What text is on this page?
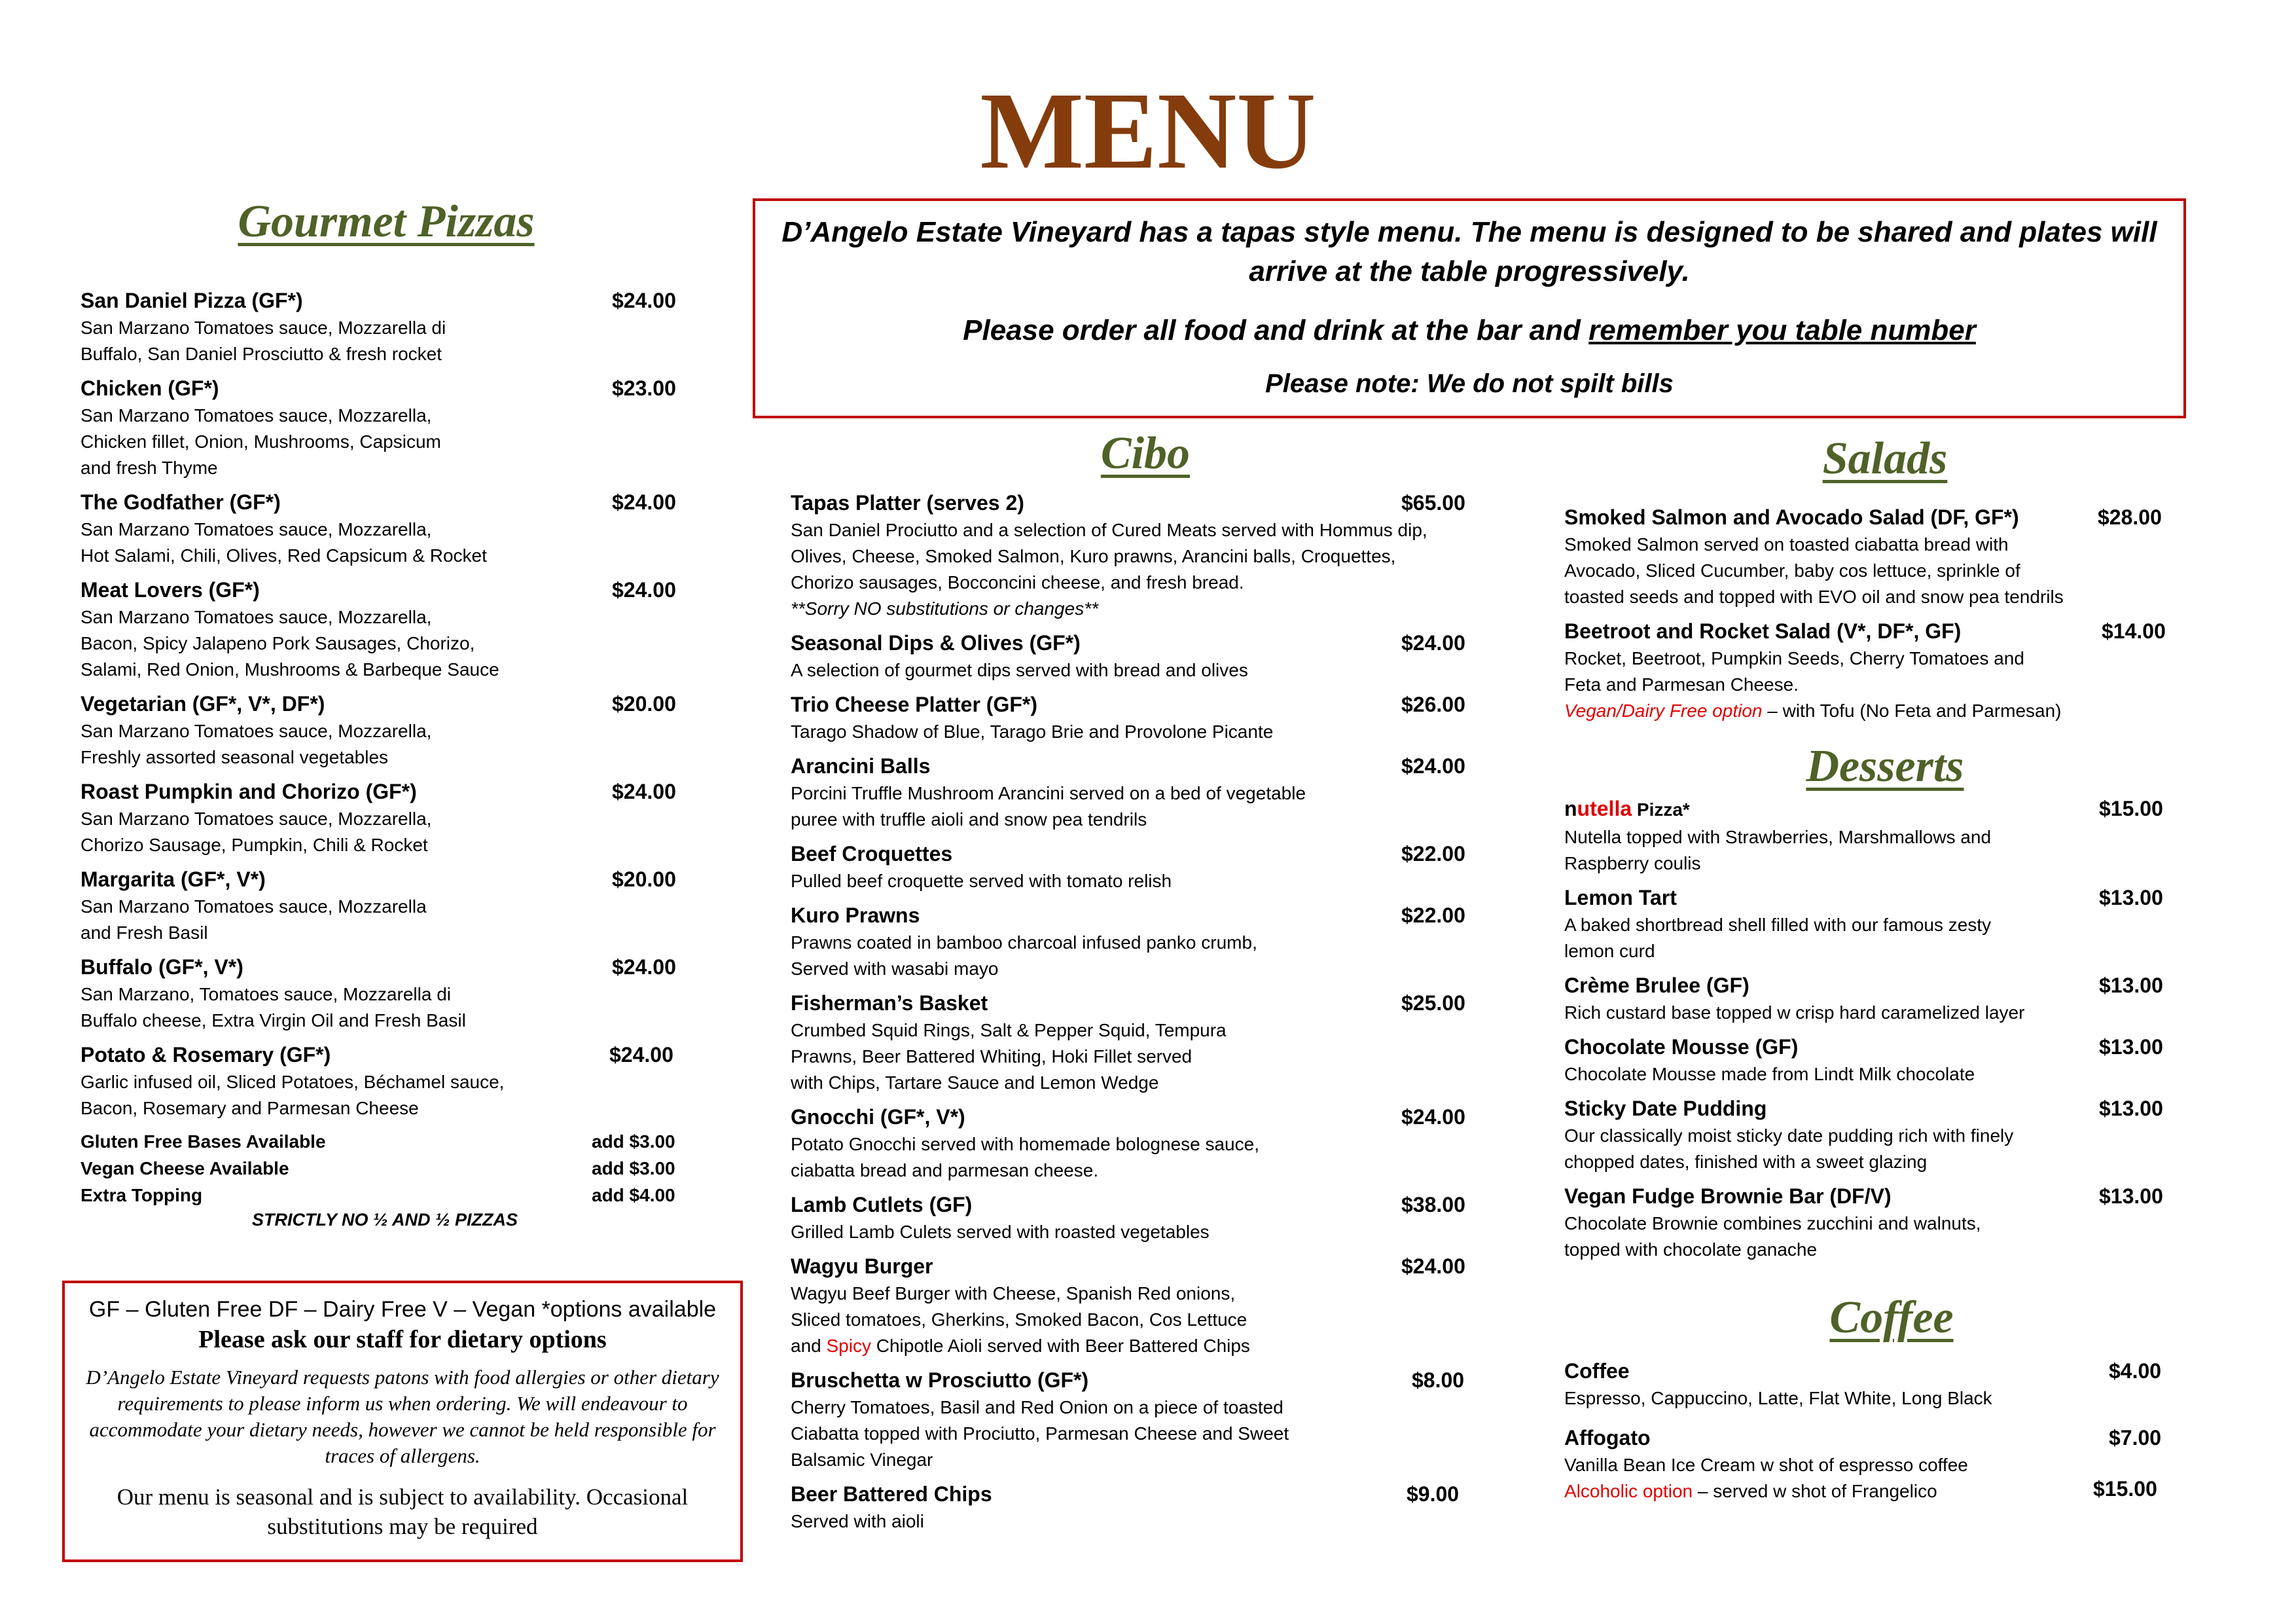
MENU
Gourmet Pizzas
San Daniel Pizza (GF*)	$24.00
San Marzano Tomatoes sauce, Mozzarella di
Buffalo, San Daniel Prosciutto & fresh rocket
Chicken (GF*)	$23.00
San Marzano Tomatoes sauce, Mozzarella,
Chicken fillet, Onion, Mushrooms, Capsicum
and fresh Thyme
The Godfather (GF*)	$24.00
San Marzano Tomatoes sauce, Mozzarella,
Hot Salami, Chili, Olives, Red Capsicum & Rocket
Meat Lovers (GF*)	$24.00
San Marzano Tomatoes sauce, Mozzarella,
Bacon, Spicy Jalapeno Pork Sausages, Chorizo,
Salami, Red Onion, Mushrooms & Barbeque Sauce
Vegetarian (GF*, V*, DF*)	$20.00
San Marzano Tomatoes sauce, Mozzarella,
Freshly assorted seasonal vegetables
Roast Pumpkin and Chorizo (GF*)	$24.00
San Marzano Tomatoes sauce, Mozzarella,
Chorizo Sausage, Pumpkin, Chili & Rocket
Margarita (GF*, V*)	$20.00
San Marzano Tomatoes sauce, Mozzarella
and Fresh Basil
Buffalo (GF*, V*)	$24.00
San Marzano, Tomatoes sauce, Mozzarella di
Buffalo cheese, Extra Virgin Oil and Fresh Basil
Potato & Rosemary (GF*)	$24.00
Garlic infused oil, Sliced Potatoes, Béchamel sauce,
Bacon, Rosemary and Parmesan Cheese
Gluten Free Bases Available	add $3.00
Vegan Cheese Available	add $3.00
Extra Topping	add $4.00
STRICTLY NO ½ AND ½ PIZZAS
GF – Gluten Free DF – Dairy Free V – Vegan *options available
Please ask our staff for dietary options
D’Angelo Estate Vineyard requests patons with food allergies or other dietary requirements to please inform us when ordering. We will endeavour to accommodate your dietary needs, however we cannot be held responsible for traces of allergens.
Our menu is seasonal and is subject to availability. Occasional substitutions may be required
D’Angelo Estate Vineyard has a tapas style menu. The menu is designed to be shared and plates will arrive at the table progressively.
Please order all food and drink at the bar and remember you table number
Please note: We do not spilt bills
Cibo
Tapas Platter (serves 2)	$65.00
San Daniel Prociutto and a selection of Cured Meats served with Hommus dip,
Olives, Cheese, Smoked Salmon, Kuro prawns, Arancini balls, Croquettes,
Chorizo sausages, Bocconcini cheese, and fresh bread.
**Sorry NO substitutions or changes**
Seasonal Dips & Olives (GF*)	$24.00
A selection of gourmet dips served with bread and olives
Trio Cheese Platter (GF*)	$26.00
Tarago Shadow of Blue, Tarago Brie and Provolone Picante
Arancini Balls	$24.00
Porcini Truffle Mushroom Arancini served on a bed of vegetable
puree with truffle aioli and snow pea tendrils
Beef Croquettes	$22.00
Pulled beef croquette served with tomato relish
Kuro Prawns	$22.00
Prawns coated in bamboo charcoal infused panko crumb,
Served with wasabi mayo
Fisherman’s Basket	$25.00
Crumbed Squid Rings, Salt & Pepper Squid, Tempura
Prawns, Beer Battered Whiting, Hoki Fillet served
with Chips, Tartare Sauce and Lemon Wedge
Gnocchi (GF*, V*)	$24.00
Potato Gnocchi served with homemade bolognese sauce,
ciabatta bread and parmesan cheese.
Lamb Cutlets (GF)	$38.00
Grilled Lamb Culets served with roasted vegetables
Wagyu Burger	$24.00
Wagyu Beef Burger with Cheese, Spanish Red onions,
Sliced tomatoes, Gherkins, Smoked Bacon, Cos Lettuce
and Spicy Chipotle Aioli served with Beer Battered Chips
Bruschetta w Prosciutto (GF*)	$8.00
Cherry Tomatoes, Basil and Red Onion on a piece of toasted
Ciabatta topped with Prociutto, Parmesan Cheese and Sweet
Balsamic Vinegar
Beer Battered Chips	$9.00
Served with aioli
Salads
Smoked Salmon and Avocado Salad (DF, GF*)	$28.00
Smoked Salmon served on toasted ciabatta bread with
Avocado, Sliced Cucumber, baby cos lettuce, sprinkle of
toasted seeds and topped with EVO oil and snow pea tendrils
Beetroot and Rocket Salad (V*, DF*, GF)	$14.00
Rocket, Beetroot, Pumpkin Seeds, Cherry Tomatoes and
Feta and Parmesan Cheese.
Vegan/Dairy Free option – with Tofu (No Feta and Parmesan)
Desserts
nutella Pizza*	$15.00
Nutella topped with Strawberries, Marshmallows and
Raspberry coulis
Lemon Tart	$13.00
A baked shortbread shell filled with our famous zesty
lemon curd
Crème Brulee (GF)	$13.00
Rich custard base topped w crisp hard caramelized layer
Chocolate Mousse (GF)	$13.00
Chocolate Mousse made from Lindt Milk chocolate
Sticky Date Pudding	$13.00
Our classically moist sticky date pudding rich with finely
chopped dates, finished with a sweet glazing
Vegan Fudge Brownie Bar (DF/V)	$13.00
Chocolate Brownie combines zucchini and walnuts,
topped with chocolate ganache
Coffee
Coffee	$4.00
Espresso, Cappuccino, Latte, Flat White, Long Black
Affogato	$7.00
Vanilla Bean Ice Cream w shot of espresso coffee
Alcoholic option – served w shot of Frangelico	$15.00
